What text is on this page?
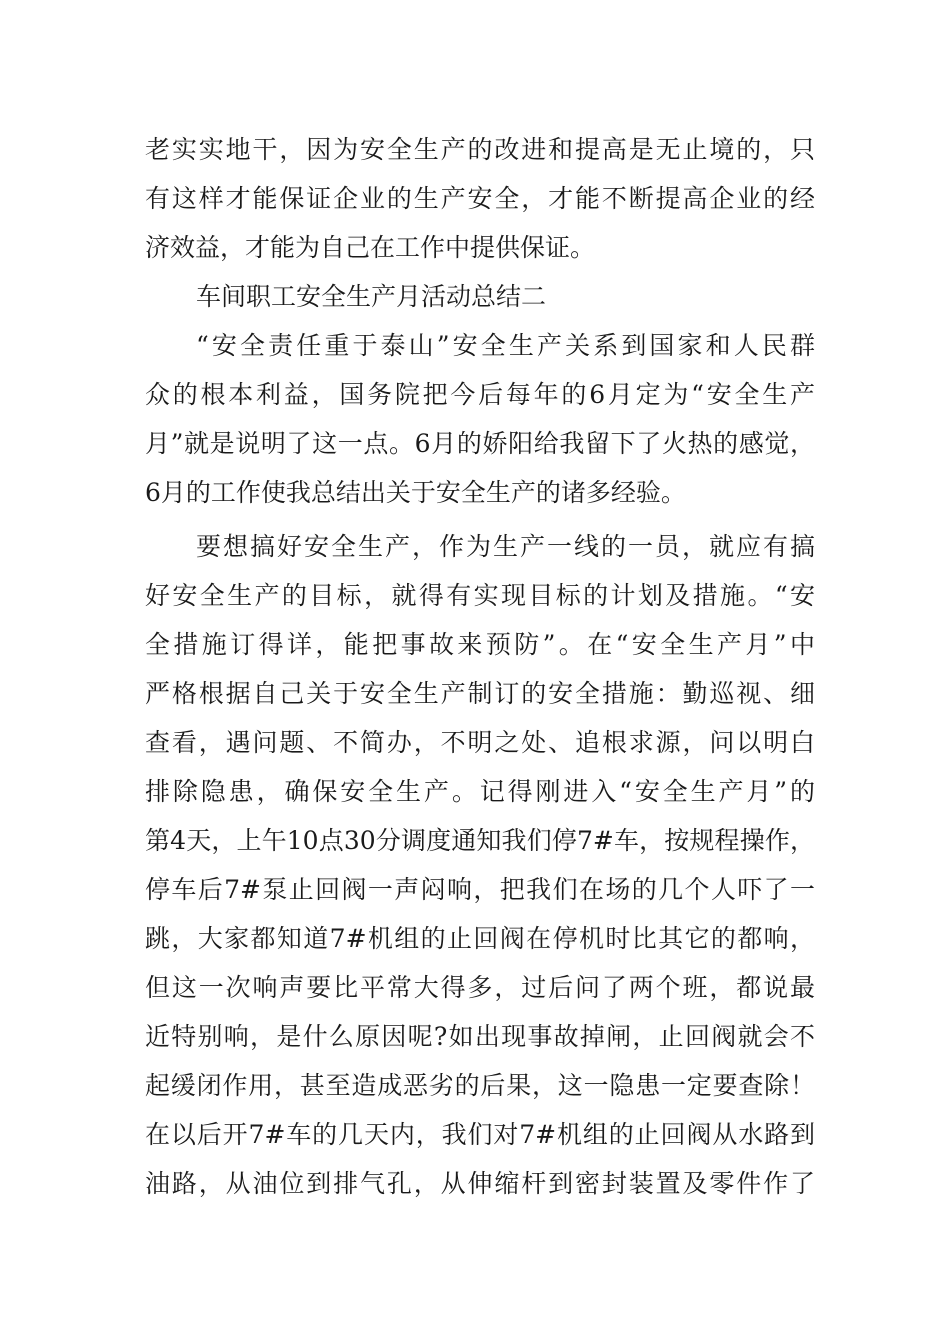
老实实地干，因为安全生产的改进和提高是无止境的，只
有这样才能保证企业的生产安全，才能不断提高企业的经
济效益，才能为自己在工作中提供保证。
车间职工安全生产月活动总结二
“安全责任重于泰山”安全生产关系到国家和人民群
众的根本利益，国务院把今后每年的6月定为“安全生产
月”就是说明了这一点。6月的娇阳给我留下了火热的感觉，
6月的工作使我总结出关于安全生产的诸多经验。
要想搞好安全生产，作为生产一线的一员，就应有搞
好安全生产的目标，就得有实现目标的计划及措施。“安
全措施订得详，能把事故来预防”。在“安全生产月”中
严格根据自己关于安全生产制订的安全措施：勤巡视、细
查看，遇问题、不简办，不明之处、追根求源，问以明白
排除隐患，确保安全生产。记得刚进入“安全生产月”的
第4天，上午10点30分调度通知我们停7#车，按规程操作，
停车后7#泵止回阀一声闷响，把我们在场的几个人吓了一
跳，大家都知道7#机组的止回阀在停机时比其它的都响，
但这一次响声要比平常大得多，过后问了两个班，都说最
近特别响，是什么原因呢?如出现事故掉闸，止回阀就会不
起缓闭作用，甚至造成恶劣的后果，这一隐患一定要查除！
在以后开7#车的几天内，我们对7#机组的止回阀从水路到
油路，从油位到排气孔，从伸缩杆到密封装置及零件作了
